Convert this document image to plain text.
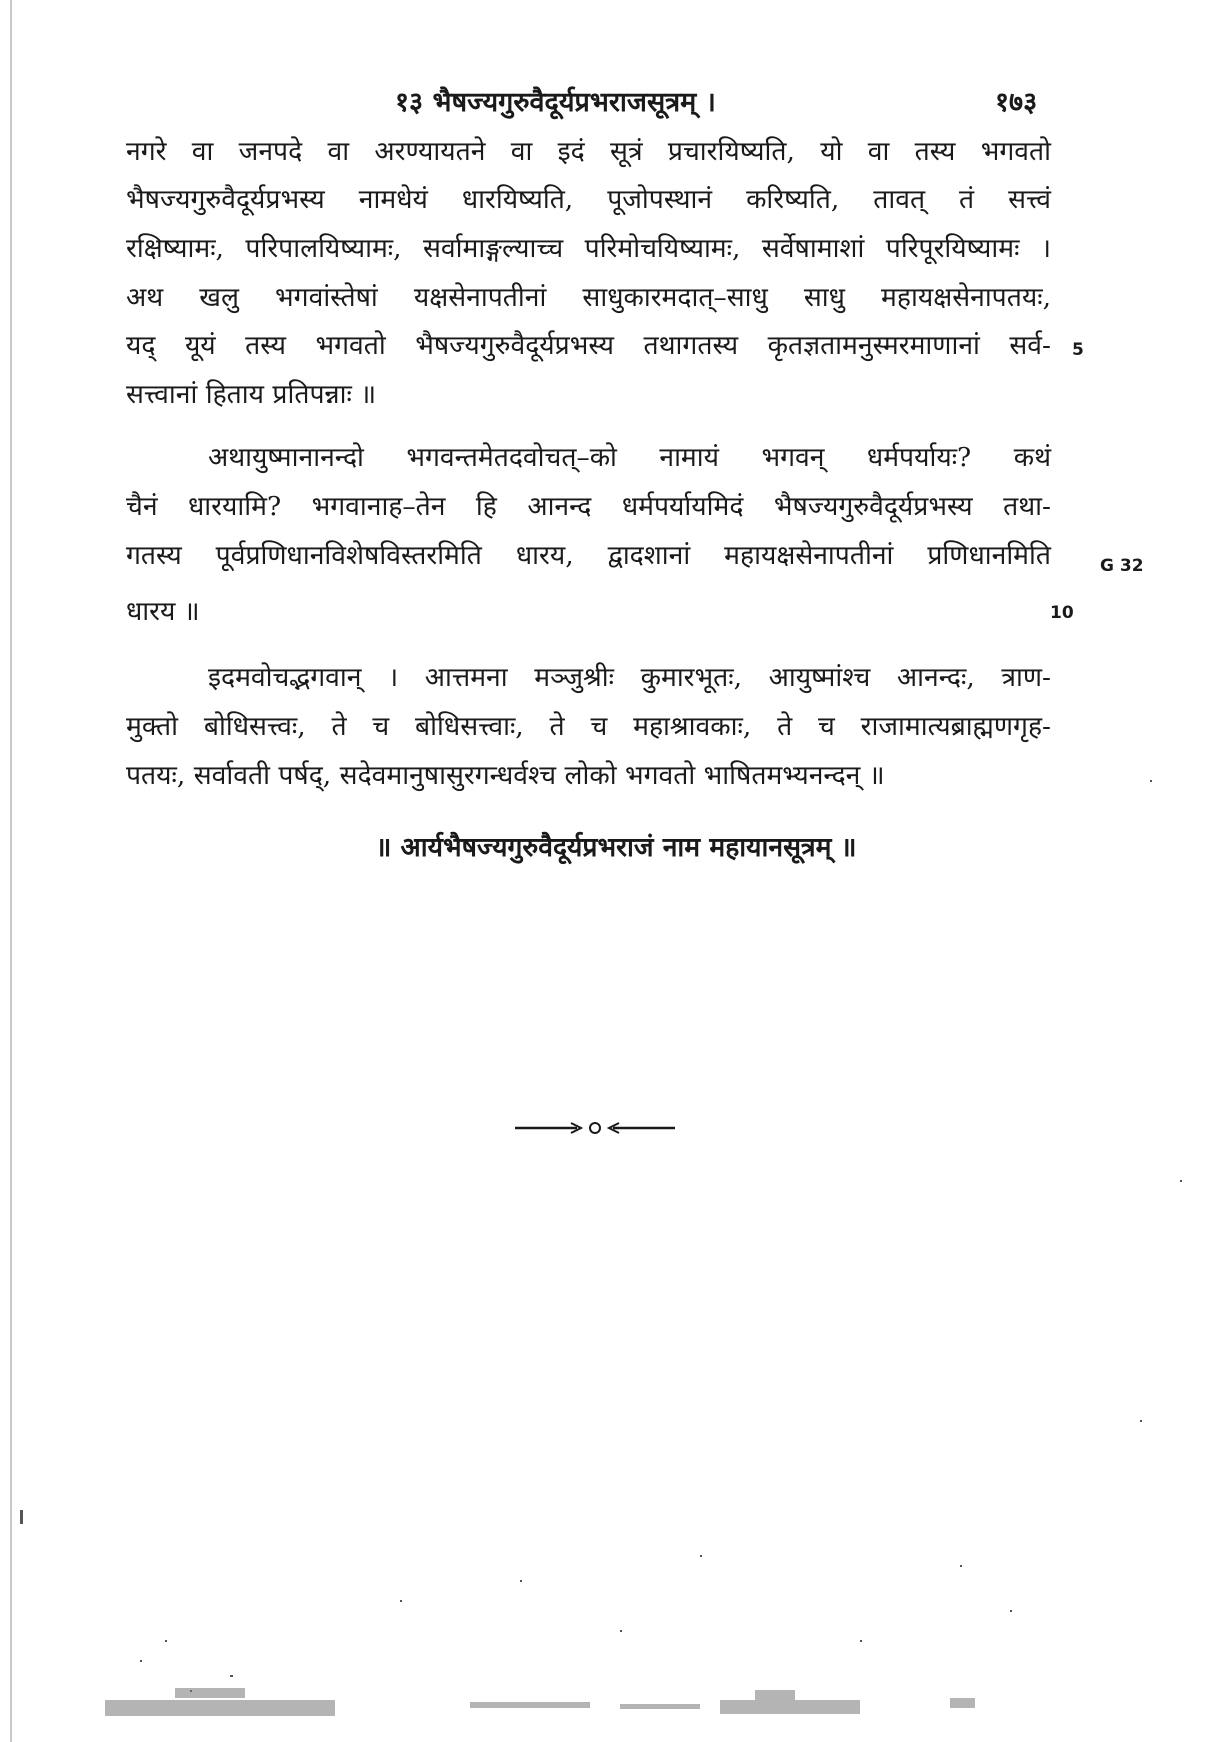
१३ भैषज्यगुरुवैदूर्यप्रभराजसूत्रम् ।	१७३
नगरे वा जनपदे वा अरण्यायतने वा इदं सूत्रं प्रचारयिष्यति, यो वा तस्य भगवतो
भैषज्यगुरुवैदूर्यप्रभस्य नामधेयं धारयिष्यति, पूजोपस्थानं करिष्यति, तावत् तं सत्त्वं
रक्षिष्यामः, परिपालयिष्यामः, सर्वामाङ्गल्याच्च परिमोचयिष्यामः, सर्वेषामाशां परिपूरयिष्यामः ।
अथ खलु भगवांस्तेषां यक्षसेनापतीनां साधुकारमदात्–साधु साधु महायक्षसेनापतयः,
यद् यूयं तस्य भगवतो भैषज्यगुरुवैदूर्यप्रभस्य तथागतस्य कृतज्ञतामनुस्मरमाणानां सर्व-
सत्त्वानां हिताय प्रतिपन्नाः ॥
5
अथायुष्मानानन्दो भगवन्तमेतदवोचत्–को नामायं भगवन् धर्मपर्यायः? कथं
चैनं धारयामि? भगवानाह–तेन हि आनन्द धर्मपर्यायमिदं भैषज्यगुरुवैदूर्यप्रभस्य तथा-
गतस्य पूर्वप्रणिधानविशेषविस्तरमिति धारय, द्वादशानां महायक्षसेनापतीनां प्रणिधानमिति
धारय ॥
G 32
10
इदमवोचद्भगवान् । आत्तमना मञ्जुश्रीः कुमारभूतः, आयुष्मांश्च आनन्दः, त्राण-
मुक्तो बोधिसत्त्वः, ते च बोधिसत्त्वाः, ते च महाश्रावकाः, ते च राजामात्यब्राह्मणगृह-
पतयः, सर्वावती पर्षद्, सदेवमानुषासुरगन्धर्वश्च लोको भगवतो भाषितमभ्यनन्दन् ॥
॥ आर्यभैषज्यगुरुवैदूर्यप्रभराजं नाम महायानसूत्रम् ॥
